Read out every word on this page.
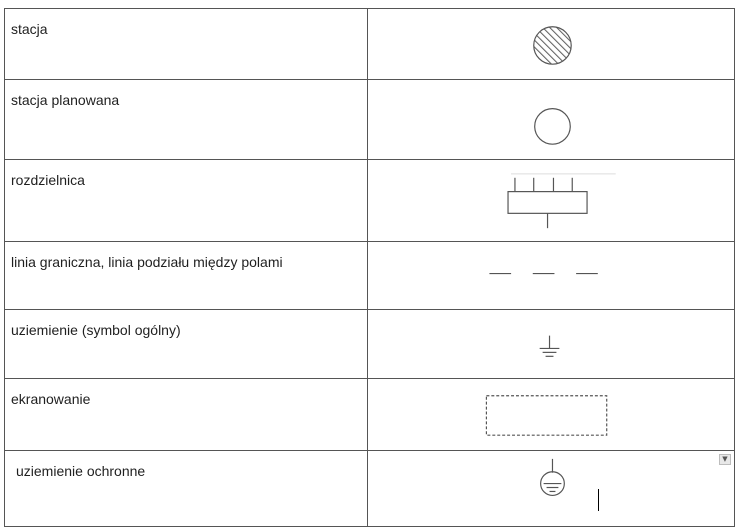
stacja

stacja planowana

rozdzielnica

linia graniczna, linia podziału między polami

uziemienie (symbol ogólny)

ekranowanie

uziemienie ochronne	▼
